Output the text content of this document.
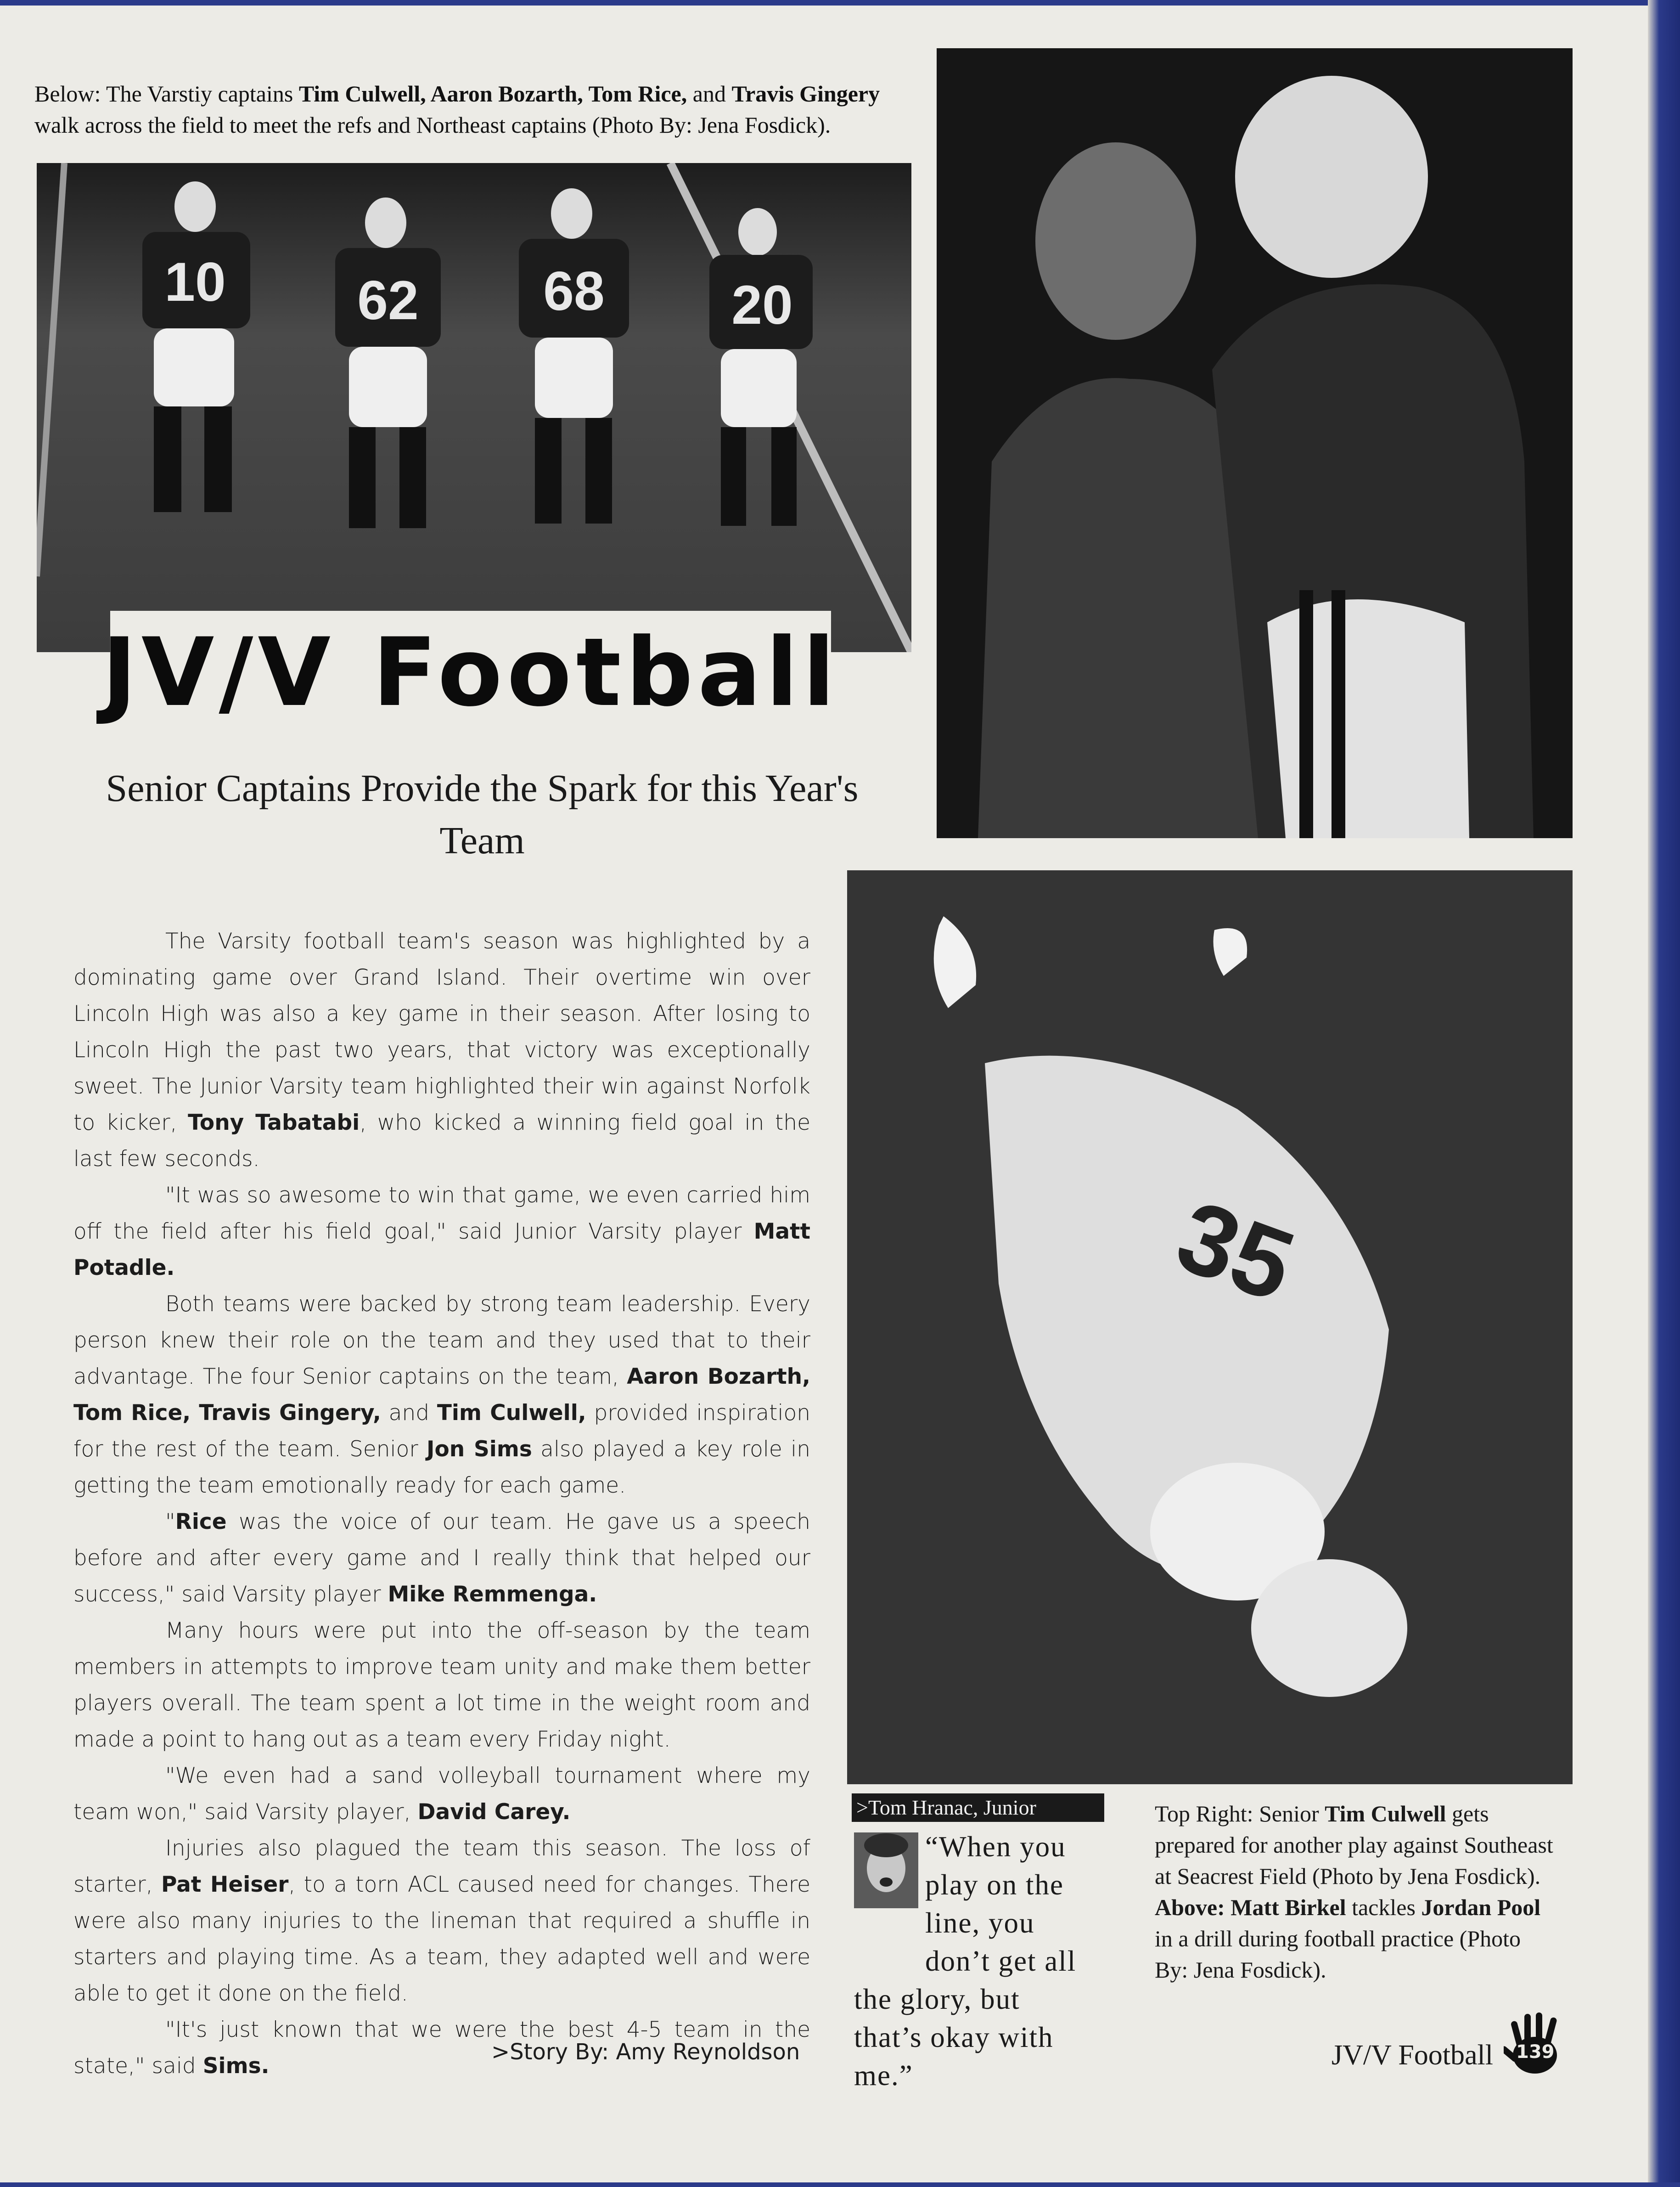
Below: The Varstiy captains Tim Culwell, Aaron Bozarth, Tom Rice, and Travis Gingery walk across the field to meet the refs and Northeast captains (Photo By: Jena Fosdick).
10 62 68 20
JV/V Football
Senior Captains Provide the Spark for this Year's Team
35

The Varsity football team's season was highlighted by a dominating game over Grand Island. Their overtime win over Lincoln High was also a key game in their season. After losing to Lincoln High the past two years, that victory was exceptionally sweet. The Junior Varsity team highlighted their win against Norfolk to kicker, Tony Tabatabi, who kicked a winning field goal in the last few seconds.

"It was so awesome to win that game, we even carried him off the field after his field goal," said Junior Varsity player Matt Potadle.

Both teams were backed by strong team leadership. Every person knew their role on the team and they used that to their advantage. The four Senior captains on the team, Aaron Bozarth, Tom Rice, Travis Gingery, and Tim Culwell, provided inspiration for the rest of the team. Senior Jon Sims also played a key role in getting the team emotionally ready for each game.

"Rice was the voice of our team. He gave us a speech before and after every game and I really think that helped our success," said Varsity player Mike Remmenga.

Many hours were put into the off-season by the team members in attempts to improve team unity and make them better players overall. The team spent a lot time in the weight room and made a point to hang out as a team every Friday night.

"We even had a sand volleyball tournament where my team won," said Varsity player, David Carey.

Injuries also plagued the team this season. The loss of starter, Pat Heiser, to a torn ACL caused need for changes. There were also many injuries to the lineman that required a shuffle in starters and playing time. As a team, they adapted well and were able to get it done on the field.

"It's just known that we were the best 4-5 team in the state," said Sims.

>Story By: Amy Reynoldson
>Tom Hranac, Junior
“When you play on the line, you don’t get all the glory, but that’s okay with me.”
Top Right: Senior Tim Culwell gets prepared for another play against Southeast at Seacrest Field (Photo by Jena Fosdick). Above: Matt Birkel tackles Jordan Pool in a drill during football practice (Photo By: Jena Fosdick).
JV/V Football 139
